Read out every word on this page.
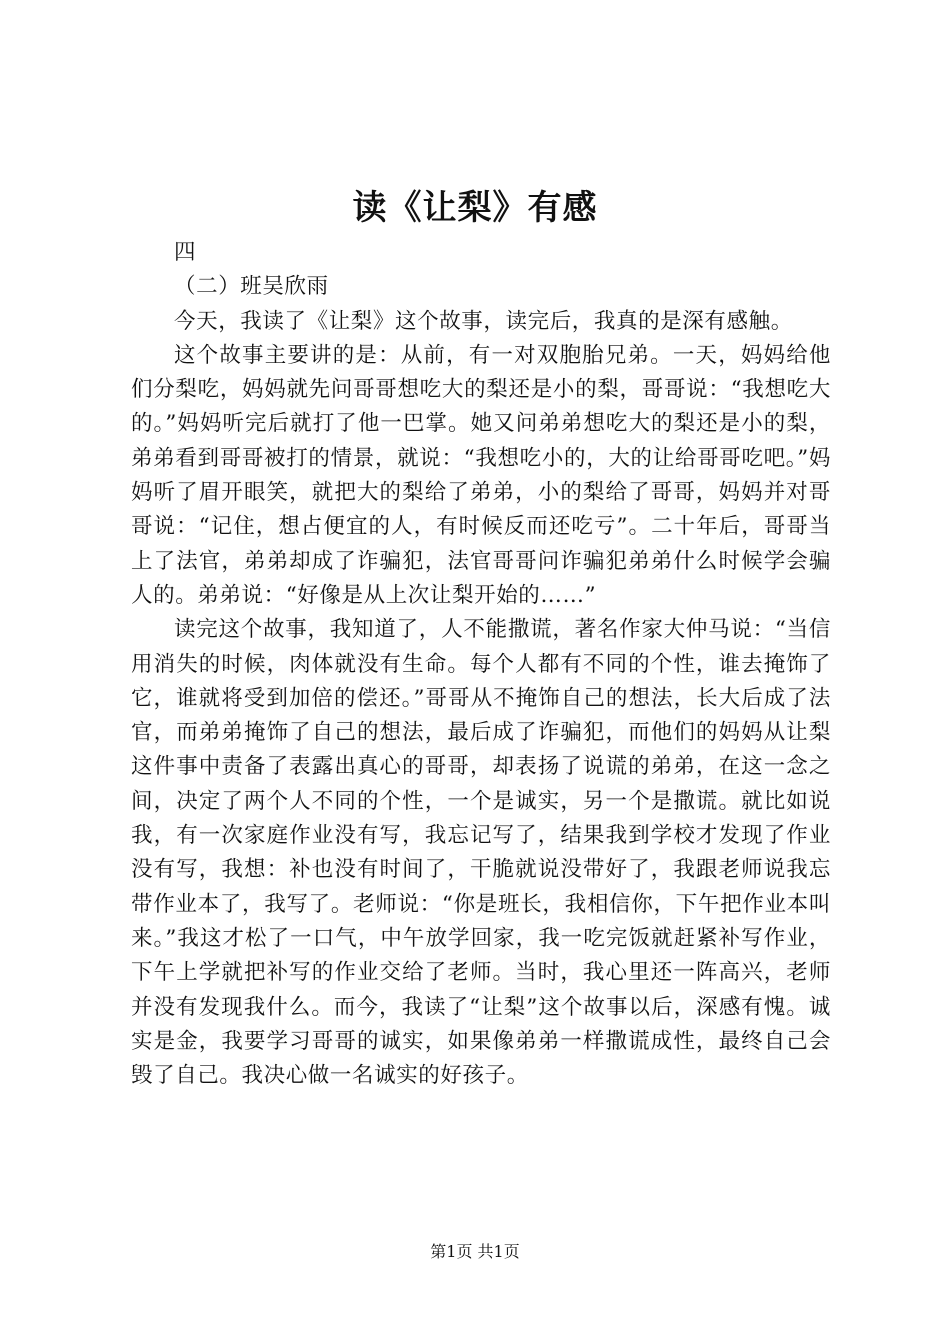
读《让梨》有感

四

（二）班吴欣雨

今天，我读了《让梨》这个故事，读完后，我真的是深有感触。

这个故事主要讲的是：从前，有一对双胞胎兄弟。一天，妈妈给他们分梨吃，妈妈就先问哥哥想吃大的梨还是小的梨，哥哥说：“我想吃大的。”妈妈听完后就打了他一巴掌。她又问弟弟想吃大的梨还是小的梨，弟弟看到哥哥被打的情景，就说：“我想吃小的，大的让给哥哥吃吧。”妈妈听了眉开眼笑，就把大的梨给了弟弟，小的梨给了哥哥，妈妈并对哥哥说：“记住，想占便宜的人，有时候反而还吃亏”。二十年后，哥哥当上了法官，弟弟却成了诈骗犯，法官哥哥问诈骗犯弟弟什么时候学会骗人的。弟弟说：“好像是从上次让梨开始的……”

读完这个故事，我知道了，人不能撒谎，著名作家大仲马说：“当信用消失的时候，肉体就没有生命。每个人都有不同的个性，谁去掩饰了它，谁就将受到加倍的偿还。”哥哥从不掩饰自己的想法，长大后成了法官，而弟弟掩饰了自己的想法，最后成了诈骗犯，而他们的妈妈从让梨这件事中责备了表露出真心的哥哥，却表扬了说谎的弟弟，在这一念之间，决定了两个人不同的个性，一个是诚实，另一个是撒谎。就比如说我，有一次家庭作业没有写，我忘记写了，结果我到学校才发现了作业没有写，我想：补也没有时间了，干脆就说没带好了，我跟老师说我忘带作业本了，我写了。老师说：“你是班长，我相信你，下午把作业本叫来。”我这才松了一口气，中午放学回家，我一吃完饭就赶紧补写作业，下午上学就把补写的作业交给了老师。当时，我心里还一阵高兴，老师并没有发现我什么。而今，我读了“让梨”这个故事以后，深感有愧。诚实是金，我要学习哥哥的诚实，如果像弟弟一样撒谎成性，最终自己会毁了自己。我决心做一名诚实的好孩子。

第1页 共1页
